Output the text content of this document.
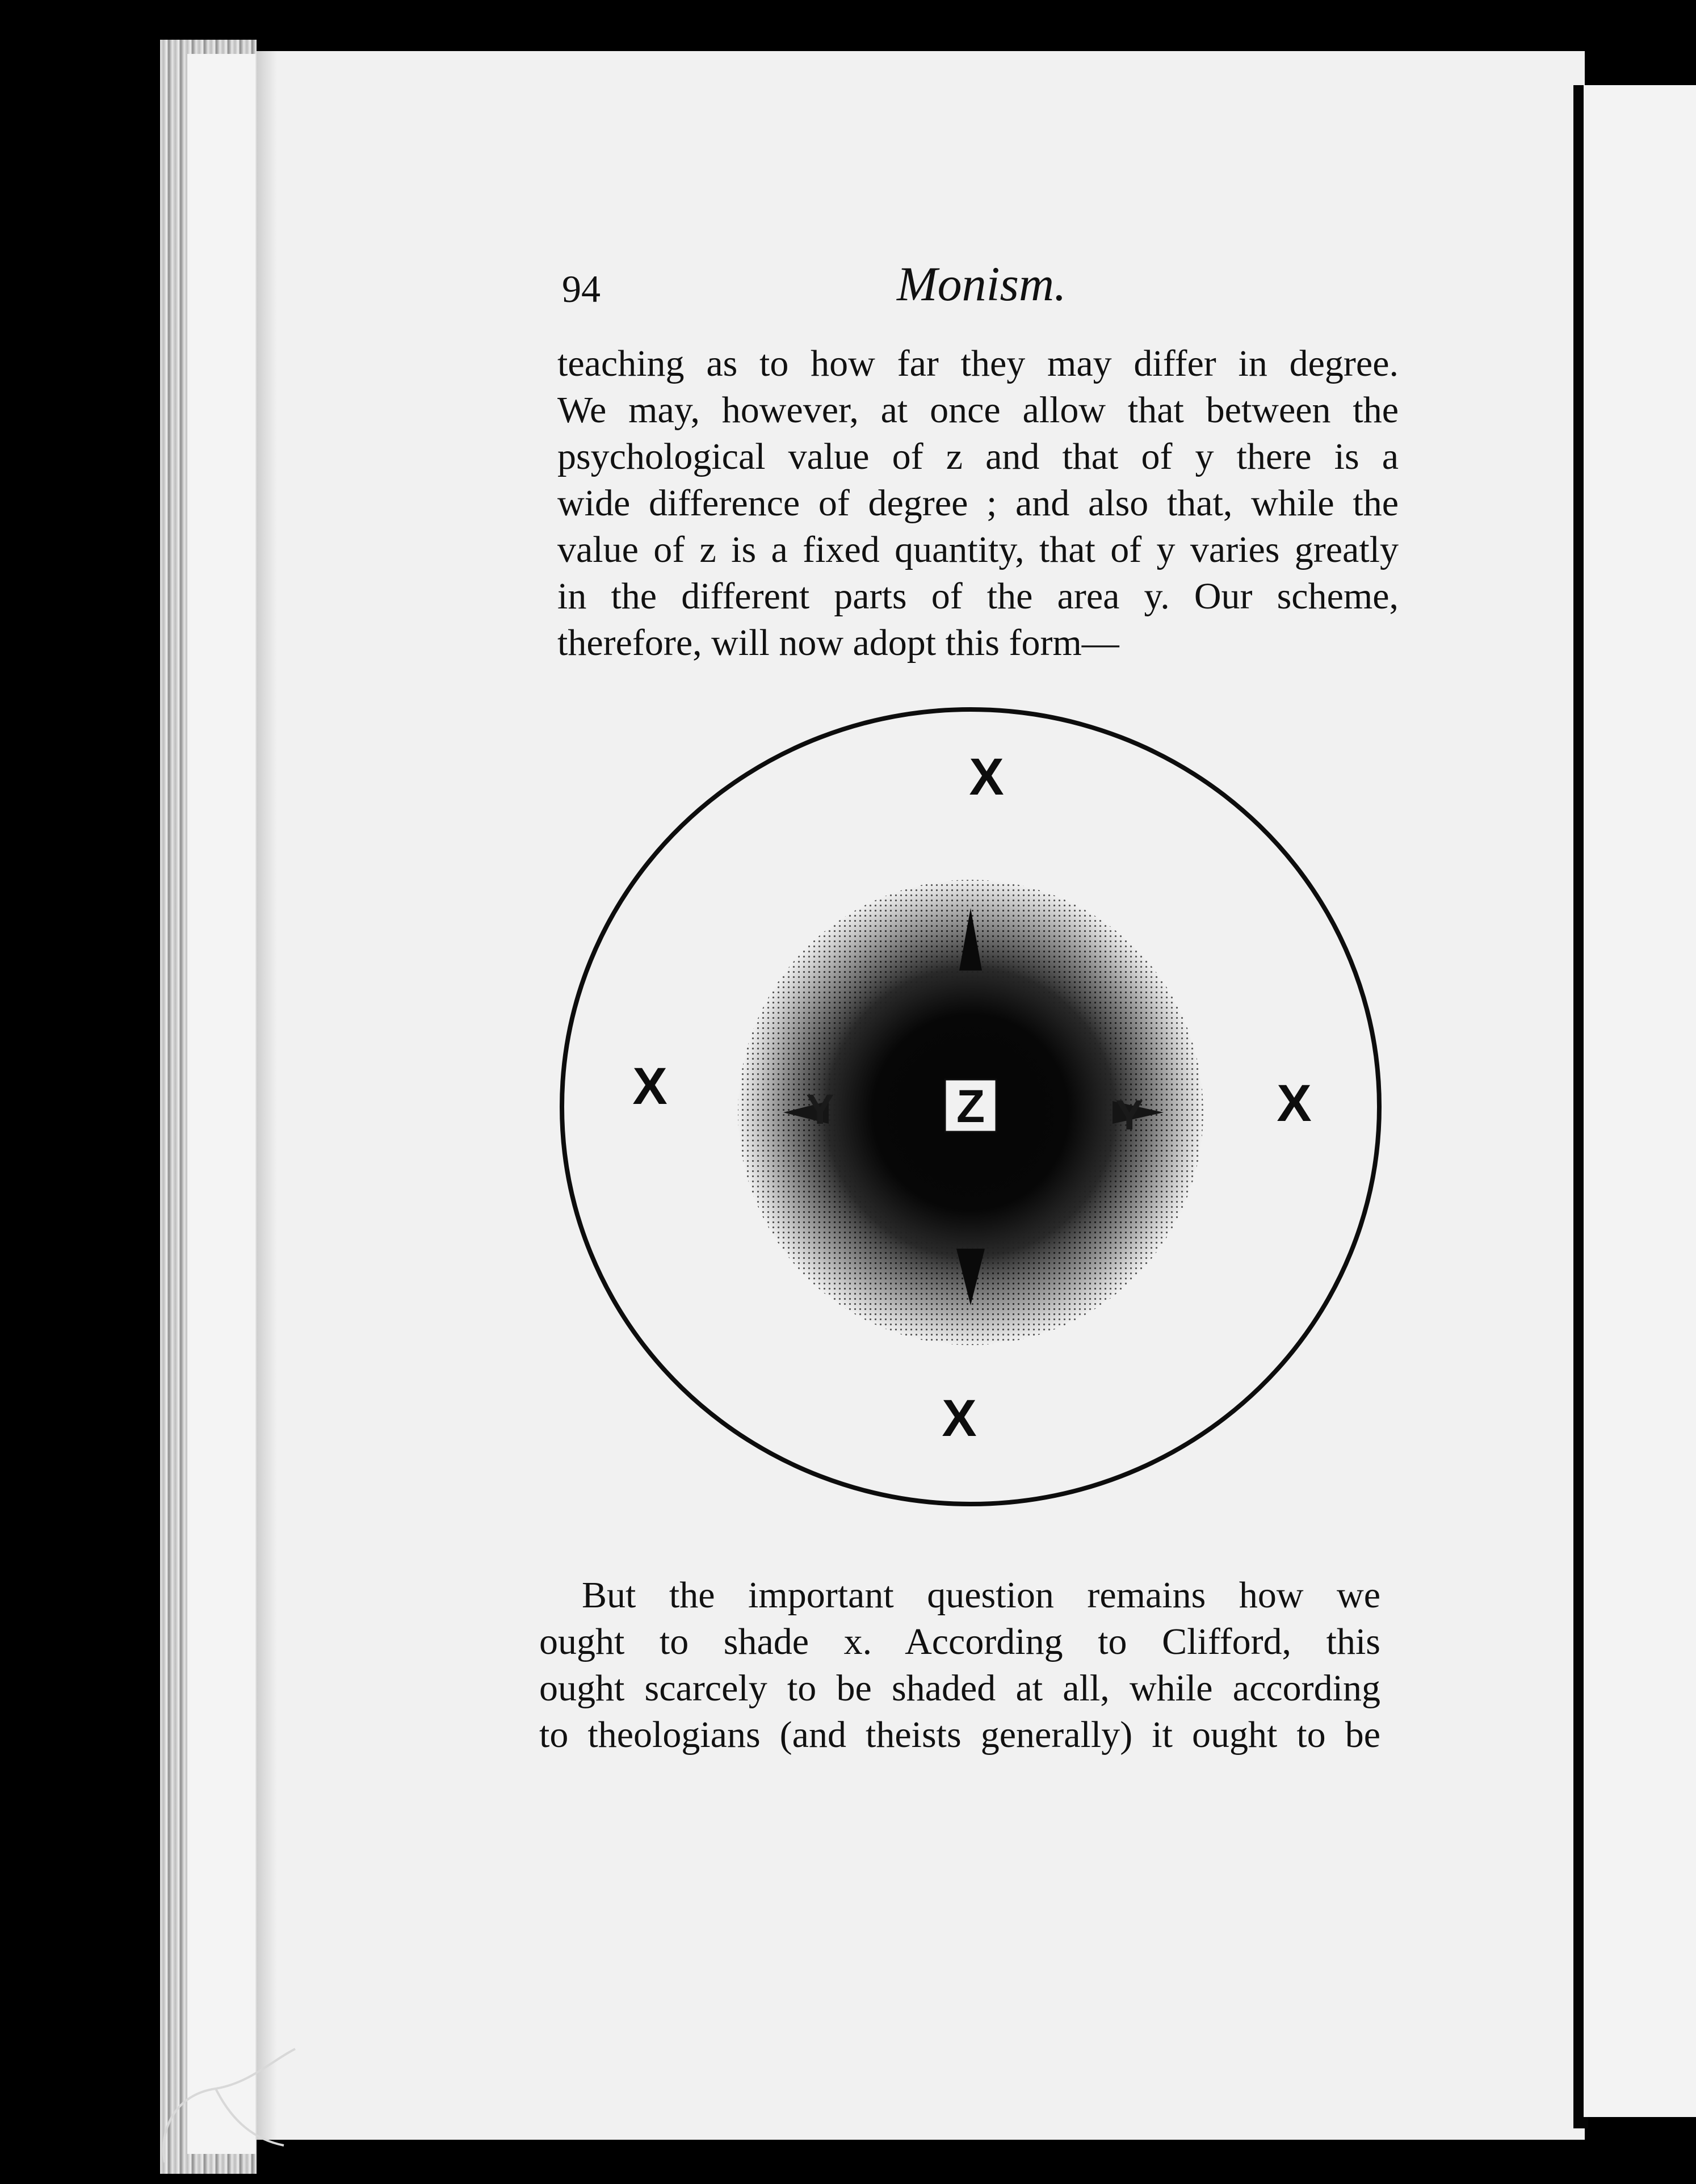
94	Monism.

teaching as to how far they may differ in degree.
We may, however, at once allow that between the
psychological value of z and that of y there is a
wide difference of degree ; and also that, while the
value of z is a fixed quantity, that of y varies greatly
in the different parts of the area y. Our scheme,
therefore, will now adopt this form—

Y	Y
Z
X
X	X
X

But the important question remains how we
ought to shade x. According to Clifford, this
ought scarcely to be shaded at all, while according
to theologians (and theists generally) it ought to be
